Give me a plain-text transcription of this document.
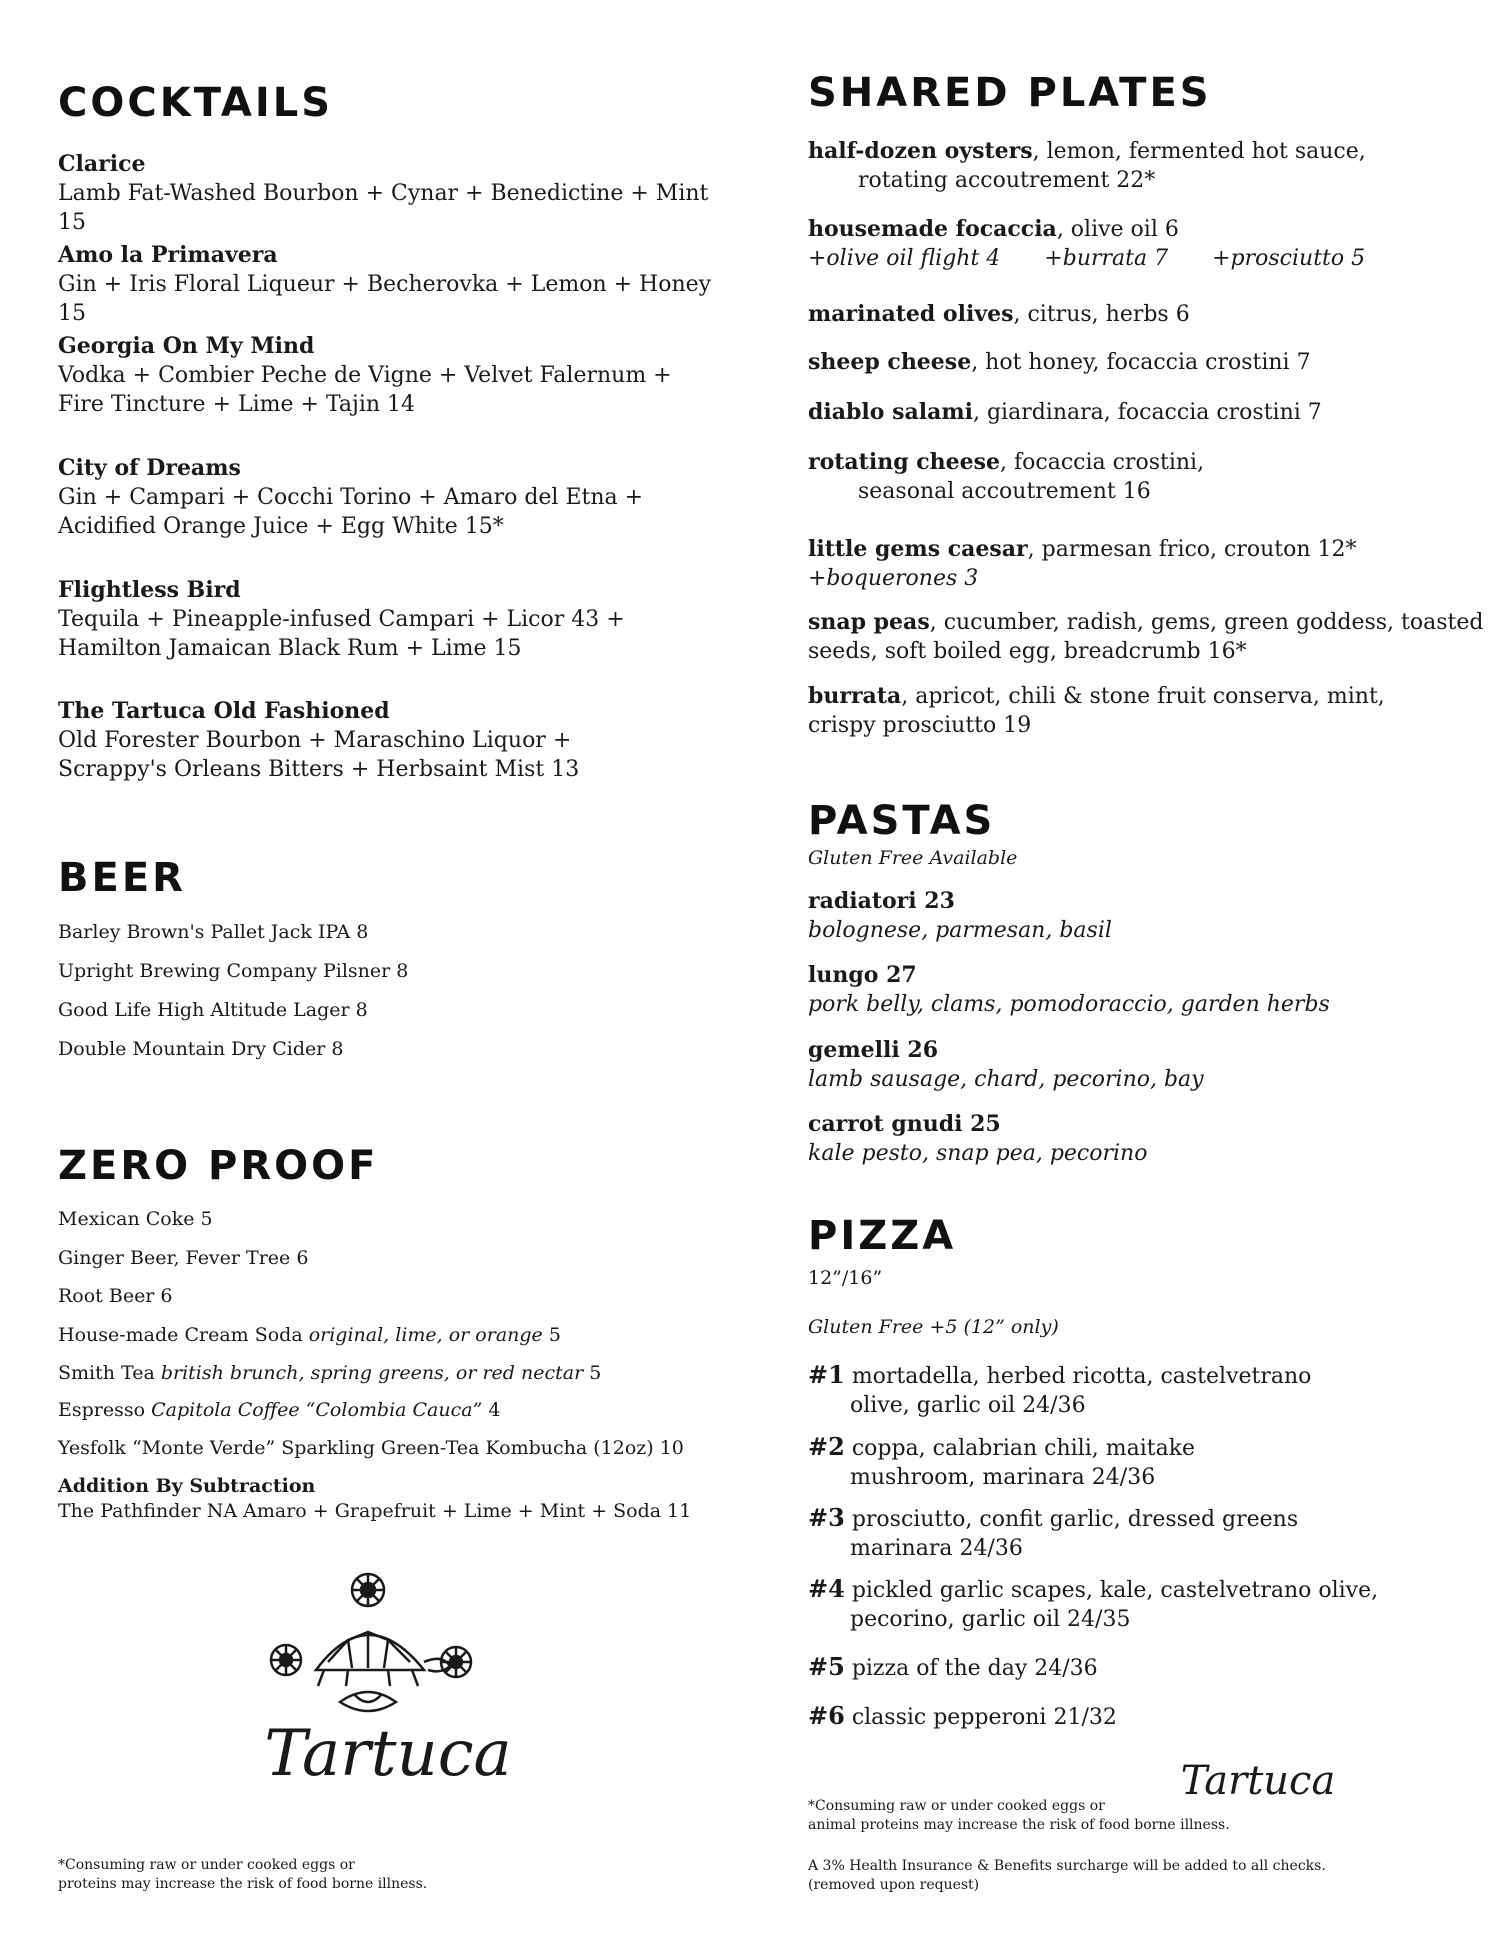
COCKTAILS
Clarice
Lamb Fat-Washed Bourbon + Cynar + Benedictine + Mint 15
Amo la Primavera
Gin + Iris Floral Liqueur + Becherovka + Lemon + Honey 15
Georgia On My Mind
Vodka + Combier Peche de Vigne + Velvet Falernum +
Fire Tincture + Lime + Tajin 14
City of Dreams
Gin + Campari + Cocchi Torino + Amaro del Etna +
Acidified Orange Juice + Egg White 15*
Flightless Bird
Tequila + Pineapple-infused Campari + Licor 43 +
Hamilton Jamaican Black Rum + Lime 15
The Tartuca Old Fashioned
Old Forester Bourbon + Maraschino Liquor +
Scrappy's Orleans Bitters + Herbsaint Mist 13
BEER
Barley Brown's Pallet Jack IPA 8
Upright Brewing Company Pilsner 8
Good Life High Altitude Lager 8
Double Mountain Dry Cider 8
ZERO PROOF
Mexican Coke 5
Ginger Beer, Fever Tree 6
Root Beer 6
House-made Cream Soda original, lime, or orange 5
Smith Tea british brunch, spring greens, or red nectar 5
Espresso Capitola Coffee “Colombia Cauca” 4
Yesfolk “Monte Verde” Sparkling Green-Tea Kombucha (12oz) 10
Addition By Subtraction
The Pathfinder NA Amaro + Grapefruit + Lime + Mint + Soda 11
Tartuca
*Consuming raw or under cooked eggs or
proteins may increase the risk of food borne illness.
SHARED PLATES
half-dozen oysters, lemon, fermented hot sauce,
rotating accoutrement 22*
housemade focaccia, olive oil 6
+olive oil flight 4 +burrata 7 +prosciutto 5
marinated olives, citrus, herbs 6
sheep cheese, hot honey, focaccia crostini 7
diablo salami, giardinara, focaccia crostini 7
rotating cheese, focaccia crostini,
seasonal accoutrement 16
little gems caesar, parmesan frico, crouton 12*
+boquerones 3
snap peas, cucumber, radish, gems, green goddess, toasted
seeds, soft boiled egg, breadcrumb 16*
burrata, apricot, chili & stone fruit conserva, mint,
crispy prosciutto 19
PASTAS
Gluten Free Available
radiatori 23
bolognese, parmesan, basil
lungo 27
pork belly, clams, pomodoraccio, garden herbs
gemelli 26
lamb sausage, chard, pecorino, bay
carrot gnudi 25
kale pesto, snap pea, pecorino
PIZZA
12”/16”
Gluten Free +5 (12” only)
#1 mortadella, herbed ricotta, castelvetrano
olive, garlic oil 24/36
#2 coppa, calabrian chili, maitake
mushroom, marinara 24/36
#3 prosciutto, confit garlic, dressed greens
marinara 24/36
#4 pickled garlic scapes, kale, castelvetrano olive,
pecorino, garlic oil 24/35
#5 pizza of the day 24/36
#6 classic pepperoni 21/32
Tartuca
*Consuming raw or under cooked eggs or
animal proteins may increase the risk of food borne illness.
A 3% Health Insurance & Benefits surcharge will be added to all checks.
(removed upon request)
